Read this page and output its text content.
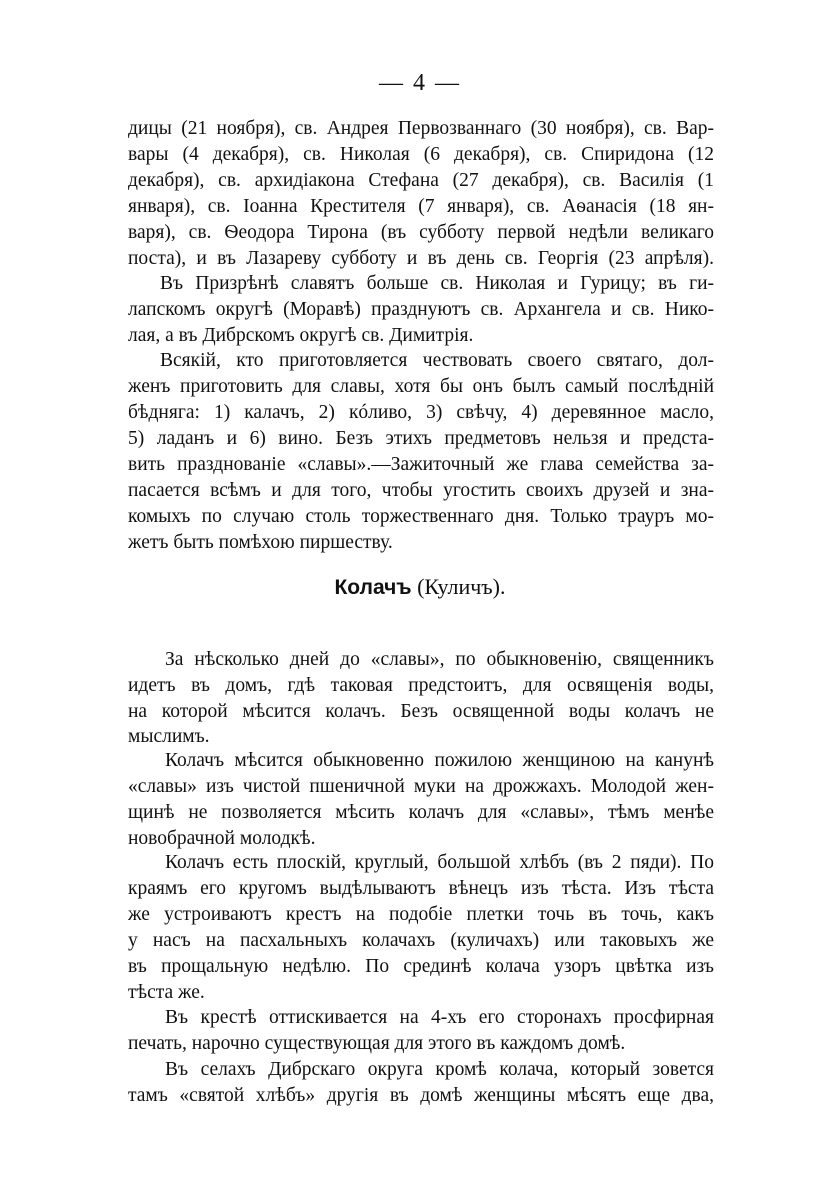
— 4 —
дицы (21 ноября), св. Андрея Первозваннаго (30 ноября), св. Вар-
вары (4 декабря), св. Николая (6 декабря), св. Спиридона (12
декабря), св. архидіакона Стефана (27 декабря), св. Василія (1
января), св. Іоанна Крестителя (7 января), св. Аѳанасія (18 ян-
варя), св. Ѳеодора Тирона (въ субботу первой недѣли великаго
поста), и въ Лазареву субботу и въ день св. Георгія (23 апрѣля).
Въ Призрѣнѣ славятъ больше св. Николая и Гурицу; въ ги-
лапскомъ округѣ (Моравѣ) празднуютъ св. Архангела и св. Нико-
лая, а въ Дибрскомъ округѣ св. Димитрія.
Всякій, кто приготовляется чествовать своего святаго, дол-
женъ приготовить для славы, хотя бы онъ былъ самый послѣдній
бѣдняга: 1) калачъ, 2) кóливо, 3) свѣчу, 4) деревянное масло,
5) ладанъ и 6) вино. Безъ этихъ предметовъ нельзя и предста-
вить празднованіе «славы».—Зажиточный же глава семейства за-
пасается всѣмъ и для того, чтобы угостить своихъ друзей и зна-
комыхъ по случаю столь торжественнаго дня. Только трауръ мо-
жетъ быть помѣхою пиршеству.
Колачъ (Куличъ).
За нѣсколько дней до «славы», по обыкновенію, священникъ
идетъ въ домъ, гдѣ таковая предстоитъ, для освященія воды,
на которой мѣсится колачъ. Безъ освященной воды колачъ не
мыслимъ.
Колачъ мѣсится обыкновенно пожилою женщиною на канунѣ
«славы» изъ чистой пшеничной муки на дрожжахъ. Молодой жен-
щинѣ не позволяется мѣсить колачъ для «славы», тѣмъ менѣе
новобрачной молодкѣ.
Колачъ есть плоскій, круглый, большой хлѣбъ (въ 2 пяди). По
краямъ его кругомъ выдѣлываютъ вѣнецъ изъ тѣста. Изъ тѣста
же устроиваютъ крестъ на подобіе плетки точь въ точь, какъ
у насъ на пасхальныхъ колачахъ (куличахъ) или таковыхъ же
въ прощальную недѣлю. По срединѣ колача узоръ цвѣтка изъ
тѣста же.
Въ крестѣ оттискивается на 4-хъ его сторонахъ просфирная
печать, нарочно существующая для этого въ каждомъ домѣ.
Въ селахъ Дибрскаго округа кромѣ колача, который зовется
тамъ «святой хлѣбъ» другія въ домѣ женщины мѣсятъ еще два,
